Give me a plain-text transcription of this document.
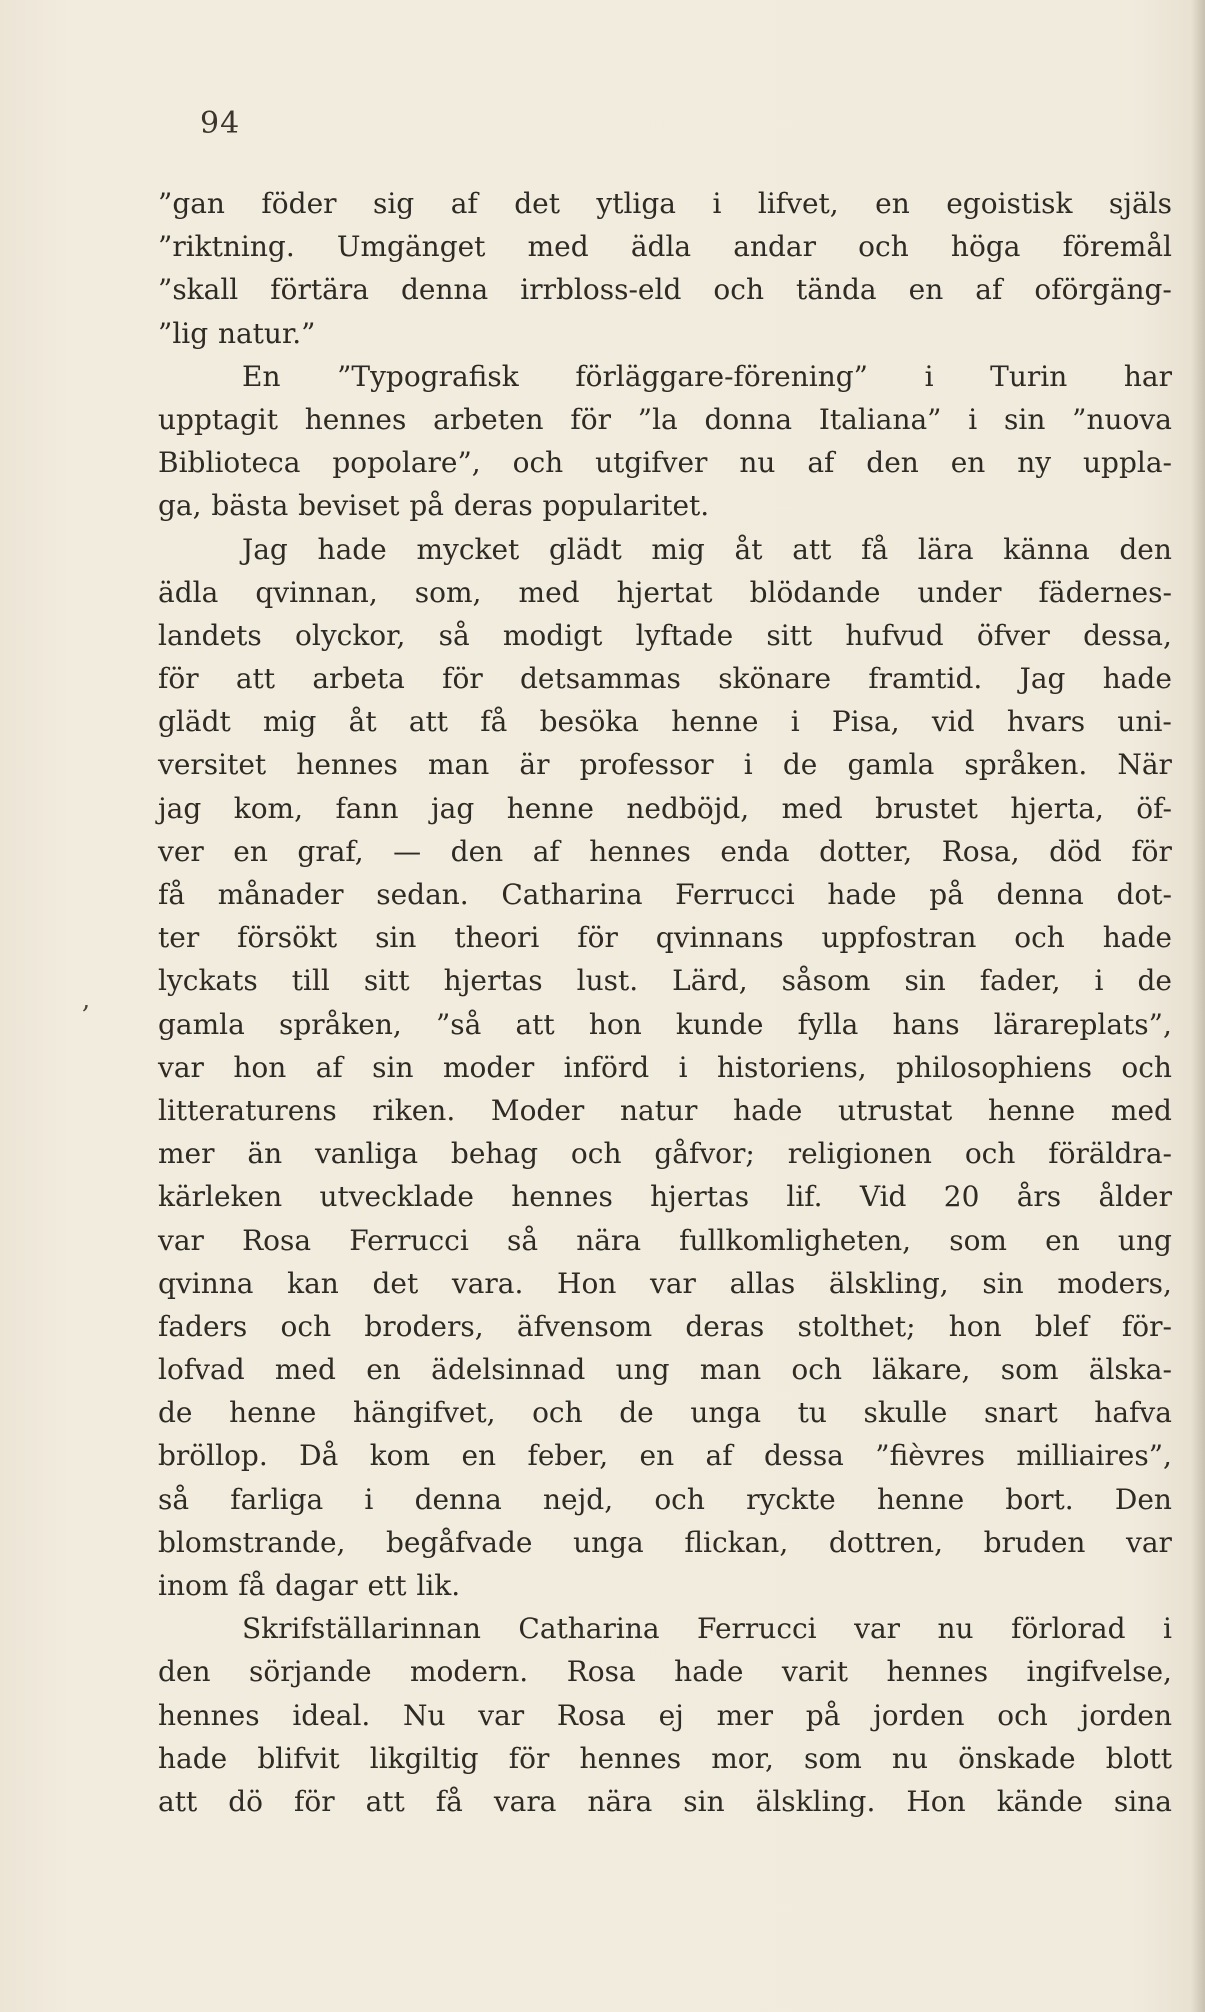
94
,
”gan föder sig af det ytliga i lifvet, en egoistisk själs
”riktning. Umgänget med ädla andar och höga föremål
”skall förtära denna irrbloss-eld och tända en af oförgäng-
”lig natur.”
En ”Typografisk förläggare-förening” i Turin har
upptagit hennes arbeten för ”la donna Italiana” i sin ”nuova
Biblioteca popolare”, och utgifver nu af den en ny uppla-
ga, bästa beviset på deras popularitet.
Jag hade mycket glädt mig åt att få lära känna den
ädla qvinnan, som, med hjertat blödande under fädernes-
landets olyckor, så modigt lyftade sitt hufvud öfver dessa,
för att arbeta för detsammas skönare framtid. Jag hade
glädt mig åt att få besöka henne i Pisa, vid hvars uni-
versitet hennes man är professor i de gamla språken. När
jag kom, fann jag henne nedböjd, med brustet hjerta, öf-
ver en graf, — den af hennes enda dotter, Rosa, död för
få månader sedan. Catharina Ferrucci hade på denna dot-
ter försökt sin theori för qvinnans uppfostran och hade
lyckats till sitt hjertas lust. Lärd, såsom sin fader, i de
gamla språken, ”så att hon kunde fylla hans lärareplats”,
var hon af sin moder införd i historiens, philosophiens och
litteraturens riken. Moder natur hade utrustat henne med
mer än vanliga behag och gåfvor; religionen och föräldra-
kärleken utvecklade hennes hjertas lif. Vid 20 års ålder
var Rosa Ferrucci så nära fullkomligheten, som en ung
qvinna kan det vara. Hon var allas älskling, sin moders,
faders och broders, äfvensom deras stolthet; hon blef för-
lofvad med en ädelsinnad ung man och läkare, som älska-
de henne hängifvet, och de unga tu skulle snart hafva
bröllop. Då kom en feber, en af dessa ”fièvres milliaires”,
så farliga i denna nejd, och ryckte henne bort. Den
blomstrande, begåfvade unga flickan, dottren, bruden var
inom få dagar ett lik.
Skrifställarinnan Catharina Ferrucci var nu förlorad i
den sörjande modern. Rosa hade varit hennes ingifvelse,
hennes ideal. Nu var Rosa ej mer på jorden och jorden
hade blifvit likgiltig för hennes mor, som nu önskade blott
att dö för att få vara nära sin älskling. Hon kände sina
